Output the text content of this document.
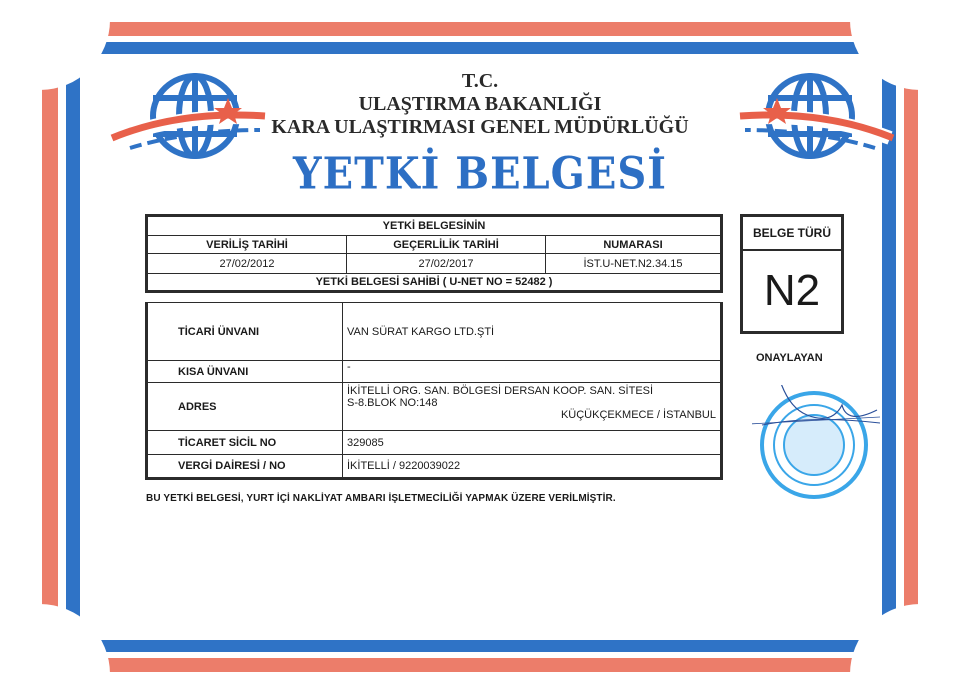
T.C.
ULAŞTIRMA BAKANLIĞI
KARA ULAŞTIRMASI GENEL MÜDÜRLÜĞÜ
YETKİ BELGESİ
YETKİ BELGESİNİN		
VERİLİŞ TARİHİ	GEÇERLİLİK TARİHİ	NUMARASI
27/02/2012	27/02/2017	İST.U-NET.N2.34.15
YETKİ BELGESİ SAHİBİ ( U-NET NO = 52482 )		
TİCARİ ÜNVANI	VAN SÜRAT KARGO LTD.ŞTİ
KISA ÜNVANI	-
ADRES	İKİTELLİ ORG. SAN. BÖLGESİ DERSAN KOOP. SAN. SİTESİ
S-8.BLOK NO:148
KÜÇÜKÇEKMECE / İSTANBUL

TİCARET SİCİL NO	329085
VERGİ DAİRESİ / NO	İKİTELLİ / 9220039022
BELGE TÜRÜ
N2
ONAYLAYAN
BU YETKİ BELGESİ, YURT İÇİ NAKLİYAT AMBARI İŞLETMECİLİĞİ YAPMAK ÜZERE VERİLMİŞTİR.
